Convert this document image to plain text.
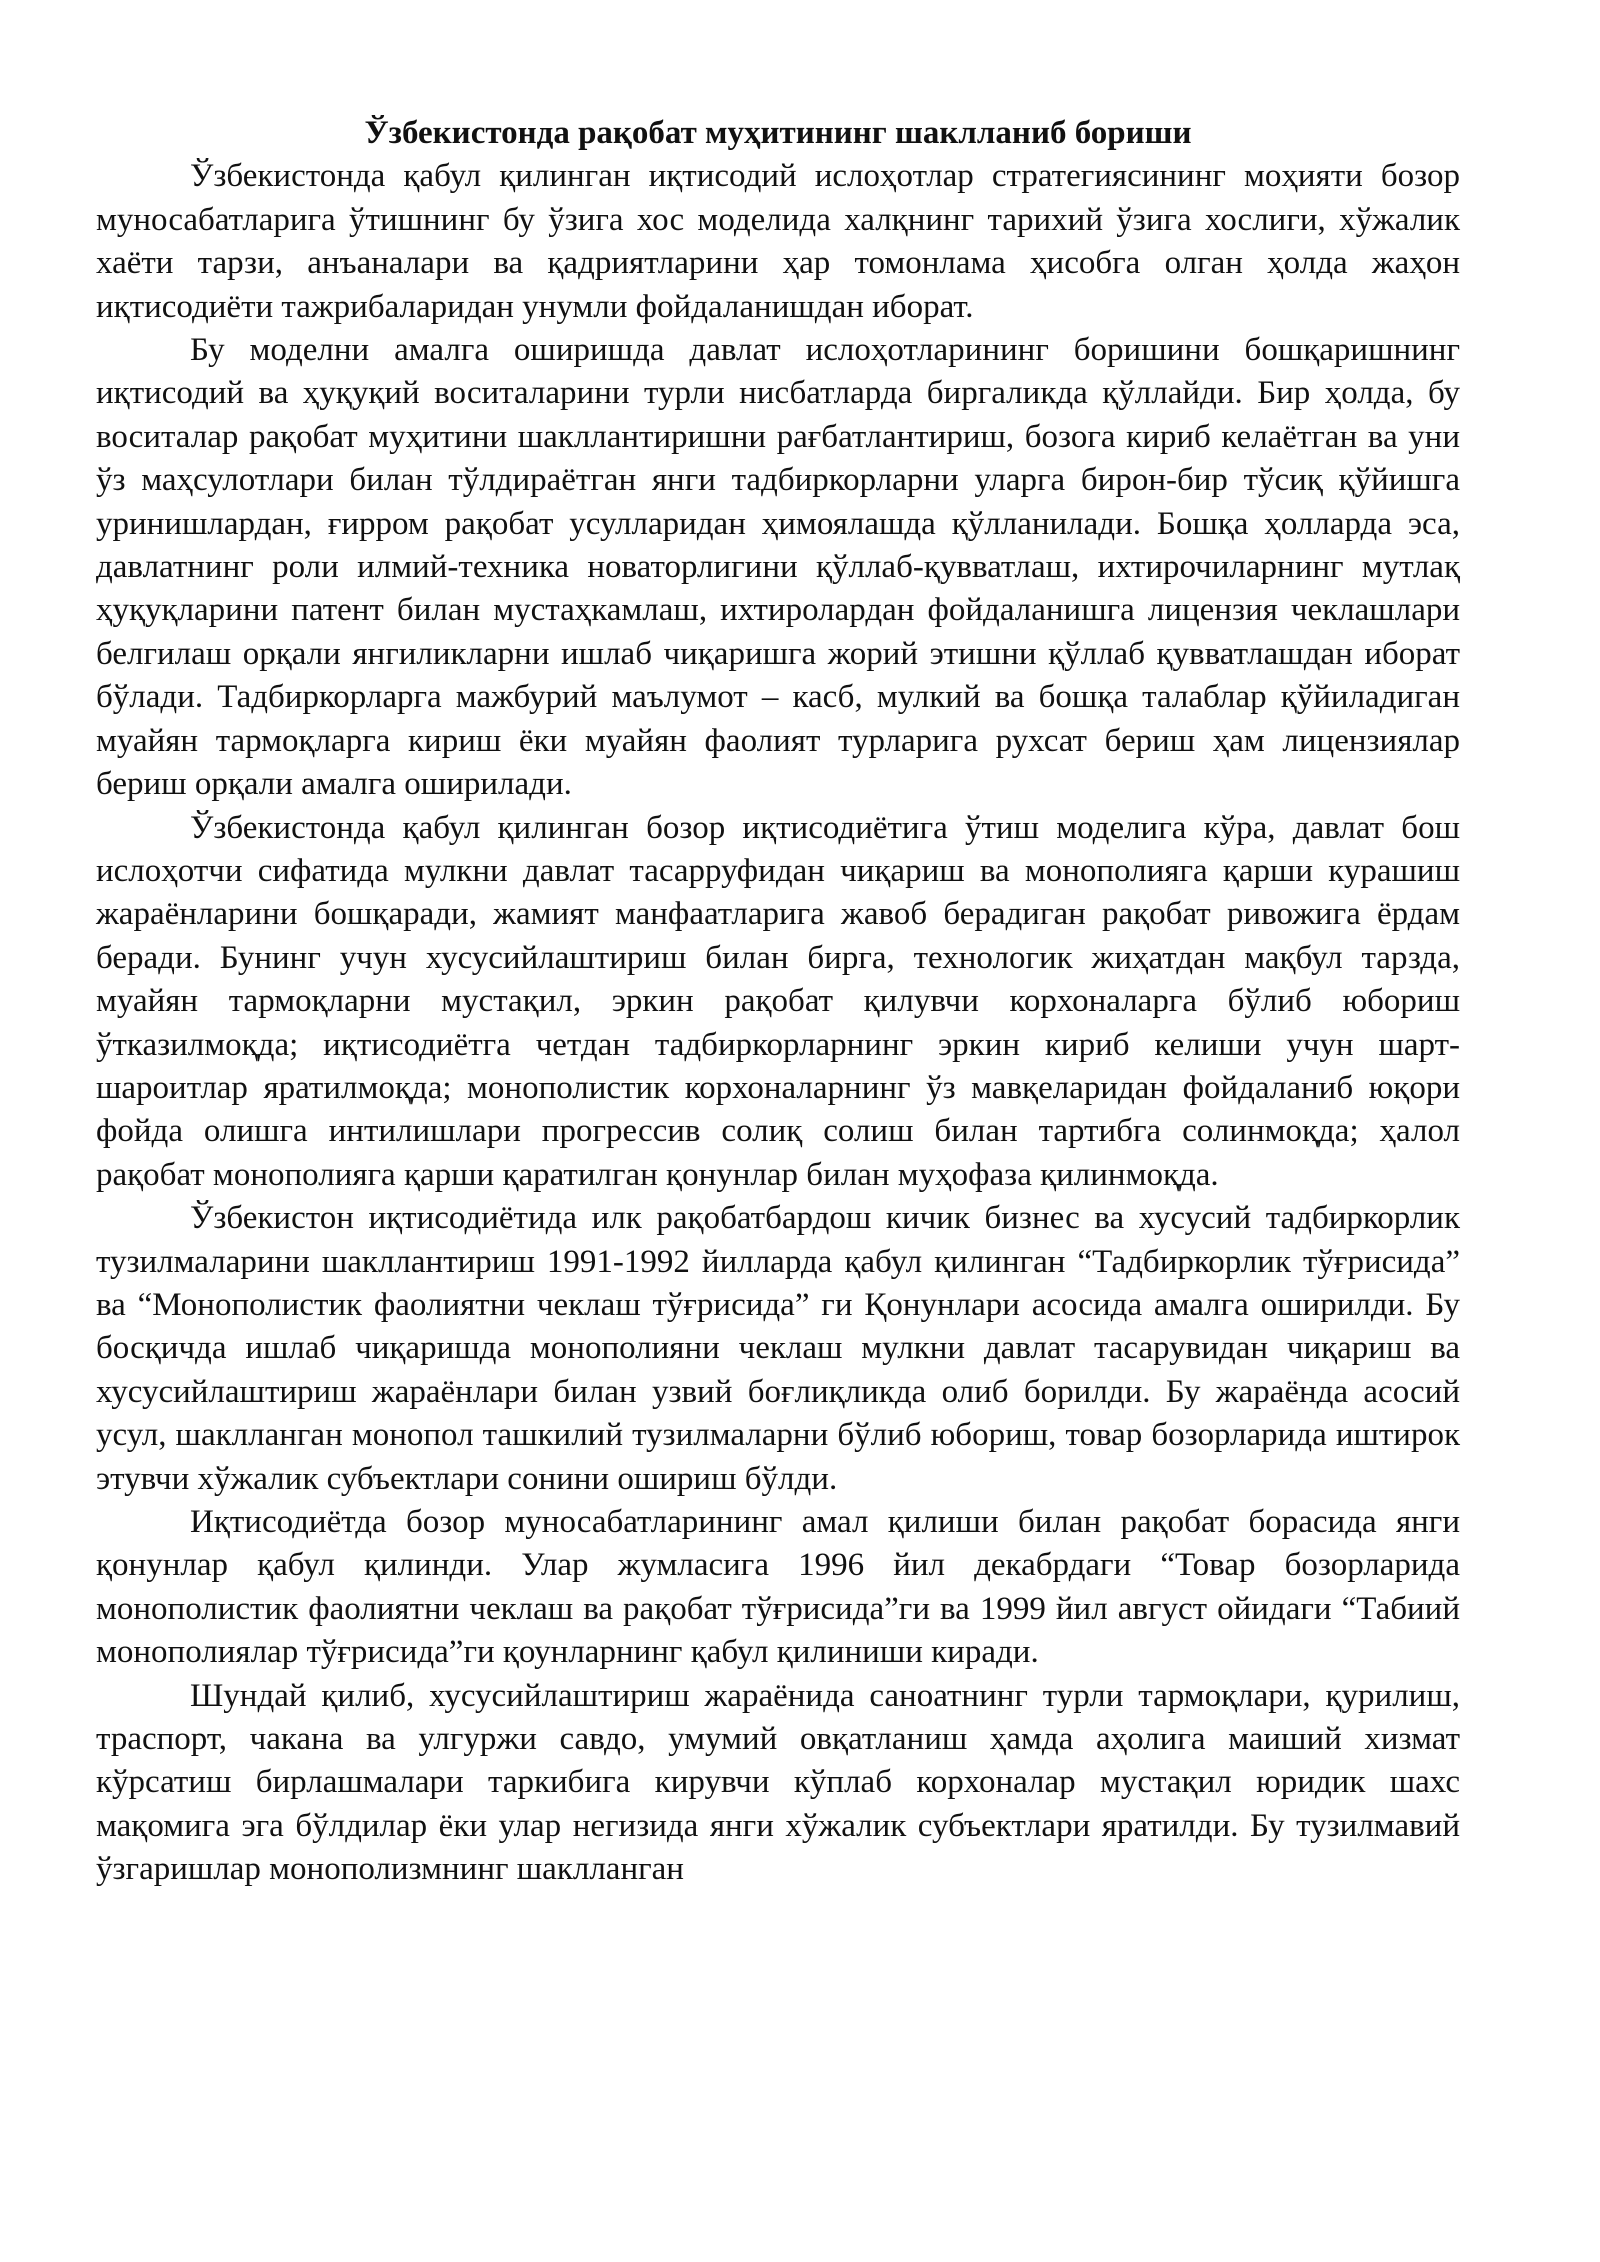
Ўзбекистонда рақобат муҳитининг шаклланиб бориши

Ўзбекистонда қабул қилинган иқтисодий ислоҳотлар стратегиясининг моҳияти бозор муносабатларига ўтишнинг бу ўзига хос моделида халқнинг тарихий ўзига хослиги, хўжалик хаёти тарзи, анъаналари ва қадриятларини ҳар томонлама ҳисобга олган ҳолда жаҳон иқтисодиёти тажрибаларидан унумли фойдаланишдан иборат.

Бу моделни амалга оширишда давлат ислоҳотларининг боришини бошқаришнинг иқтисодий ва ҳуқуқий воситаларини турли нисбатларда биргаликда қўллайди. Бир ҳолда, бу воситалар рақобат муҳитини шакллантиришни рағбатлантириш, бозога кириб келаётган ва уни ўз маҳсулотлари билан тўлдираётган янги тадбиркорларни уларга бирон-бир тўсиқ қўйишга уринишлардан, ғирром рақобат усулларидан ҳимоялашда қўлланилади. Бошқа ҳолларда эса, давлатнинг роли илмий-техника новаторлигини қўллаб-қувватлаш, ихтирочиларнинг мутлақ ҳуқуқларини патент билан мустаҳкамлаш, ихтиролардан фойдаланишга лицензия чеклашлари белгилаш орқали янгиликларни ишлаб чиқаришга жорий этишни қўллаб қувватлашдан иборат бўлади. Тадбиркорларга мажбурий маълумот – касб, мулкий ва бошқа талаблар қўйиладиган муайян тармоқларга кириш ёки муайян фаолият турларига рухсат бериш ҳам лицензиялар бериш орқали амалга оширилади.

Ўзбекистонда қабул қилинган бозор иқтисодиётига ўтиш моделига кўра, давлат бош ислоҳотчи сифатида мулкни давлат тасарруфидан чиқариш ва монополияга қарши курашиш жараёнларини бошқаради, жамият манфаатларига жавоб берадиган рақобат ривожига ёрдам беради. Бунинг учун хусусийлаштириш билан бирга, технологик жиҳатдан мақбул тарзда, муайян тармоқларни мустақил, эркин рақобат қилувчи корхоналарга бўлиб юбориш ўтказилмоқда; иқтисодиётга четдан тадбиркорларнинг эркин кириб келиши учун шарт-шароитлар яратилмоқда; монополистик корхоналарнинг ўз мавқеларидан фойдаланиб юқори фойда олишга интилишлари прогрессив солиқ солиш билан тартибга солинмоқда; ҳалол рақобат монополияга қарши қаратилган қонунлар билан муҳофаза қилинмоқда.

Ўзбекистон иқтисодиётида илк рақобатбардош кичик бизнес ва хусусий тадбиркорлик тузилмаларини шакллантириш 1991-1992 йилларда қабул қилинган “Тадбиркорлик тўғрисида” ва “Монополистик фаолиятни чеклаш тўғрисида” ги Қонунлари асосида амалга оширилди. Бу босқичда ишлаб чиқаришда монополияни чеклаш мулкни давлат тасарувидан чиқариш ва хусусийлаштириш жараёнлари билан узвий боғлиқликда олиб борилди. Бу жараёнда асосий усул, шаклланган монопол ташкилий тузилмаларни бўлиб юбориш, товар бозорларида иштирок этувчи хўжалик субъектлари сонини ошириш бўлди.

Иқтисодиётда бозор муносабатларининг амал қилиши билан рақобат борасида янги қонунлар қабул қилинди. Улар жумласига 1996 йил декабрдаги “Товар бозорларида монополистик фаолиятни чеклаш ва рақобат тўғрисида”ги ва 1999 йил август ойидаги “Табиий монополиялар тўғрисида”ги қоунларнинг қабул қилиниши киради.

Шундай қилиб, хусусийлаштириш жараёнида саноатнинг турли тармоқлари, қурилиш, траспорт, чакана ва улгуржи савдо, умумий овқатланиш ҳамда аҳолига маиший хизмат кўрсатиш бирлашмалари таркибига кирувчи кўплаб корхоналар мустақил юридик шахс мақомига эга бўлдилар ёки улар негизида янги хўжалик субъектлари яратилди. Бу тузилмавий ўзгаришлар монополизмнинг шаклланган
